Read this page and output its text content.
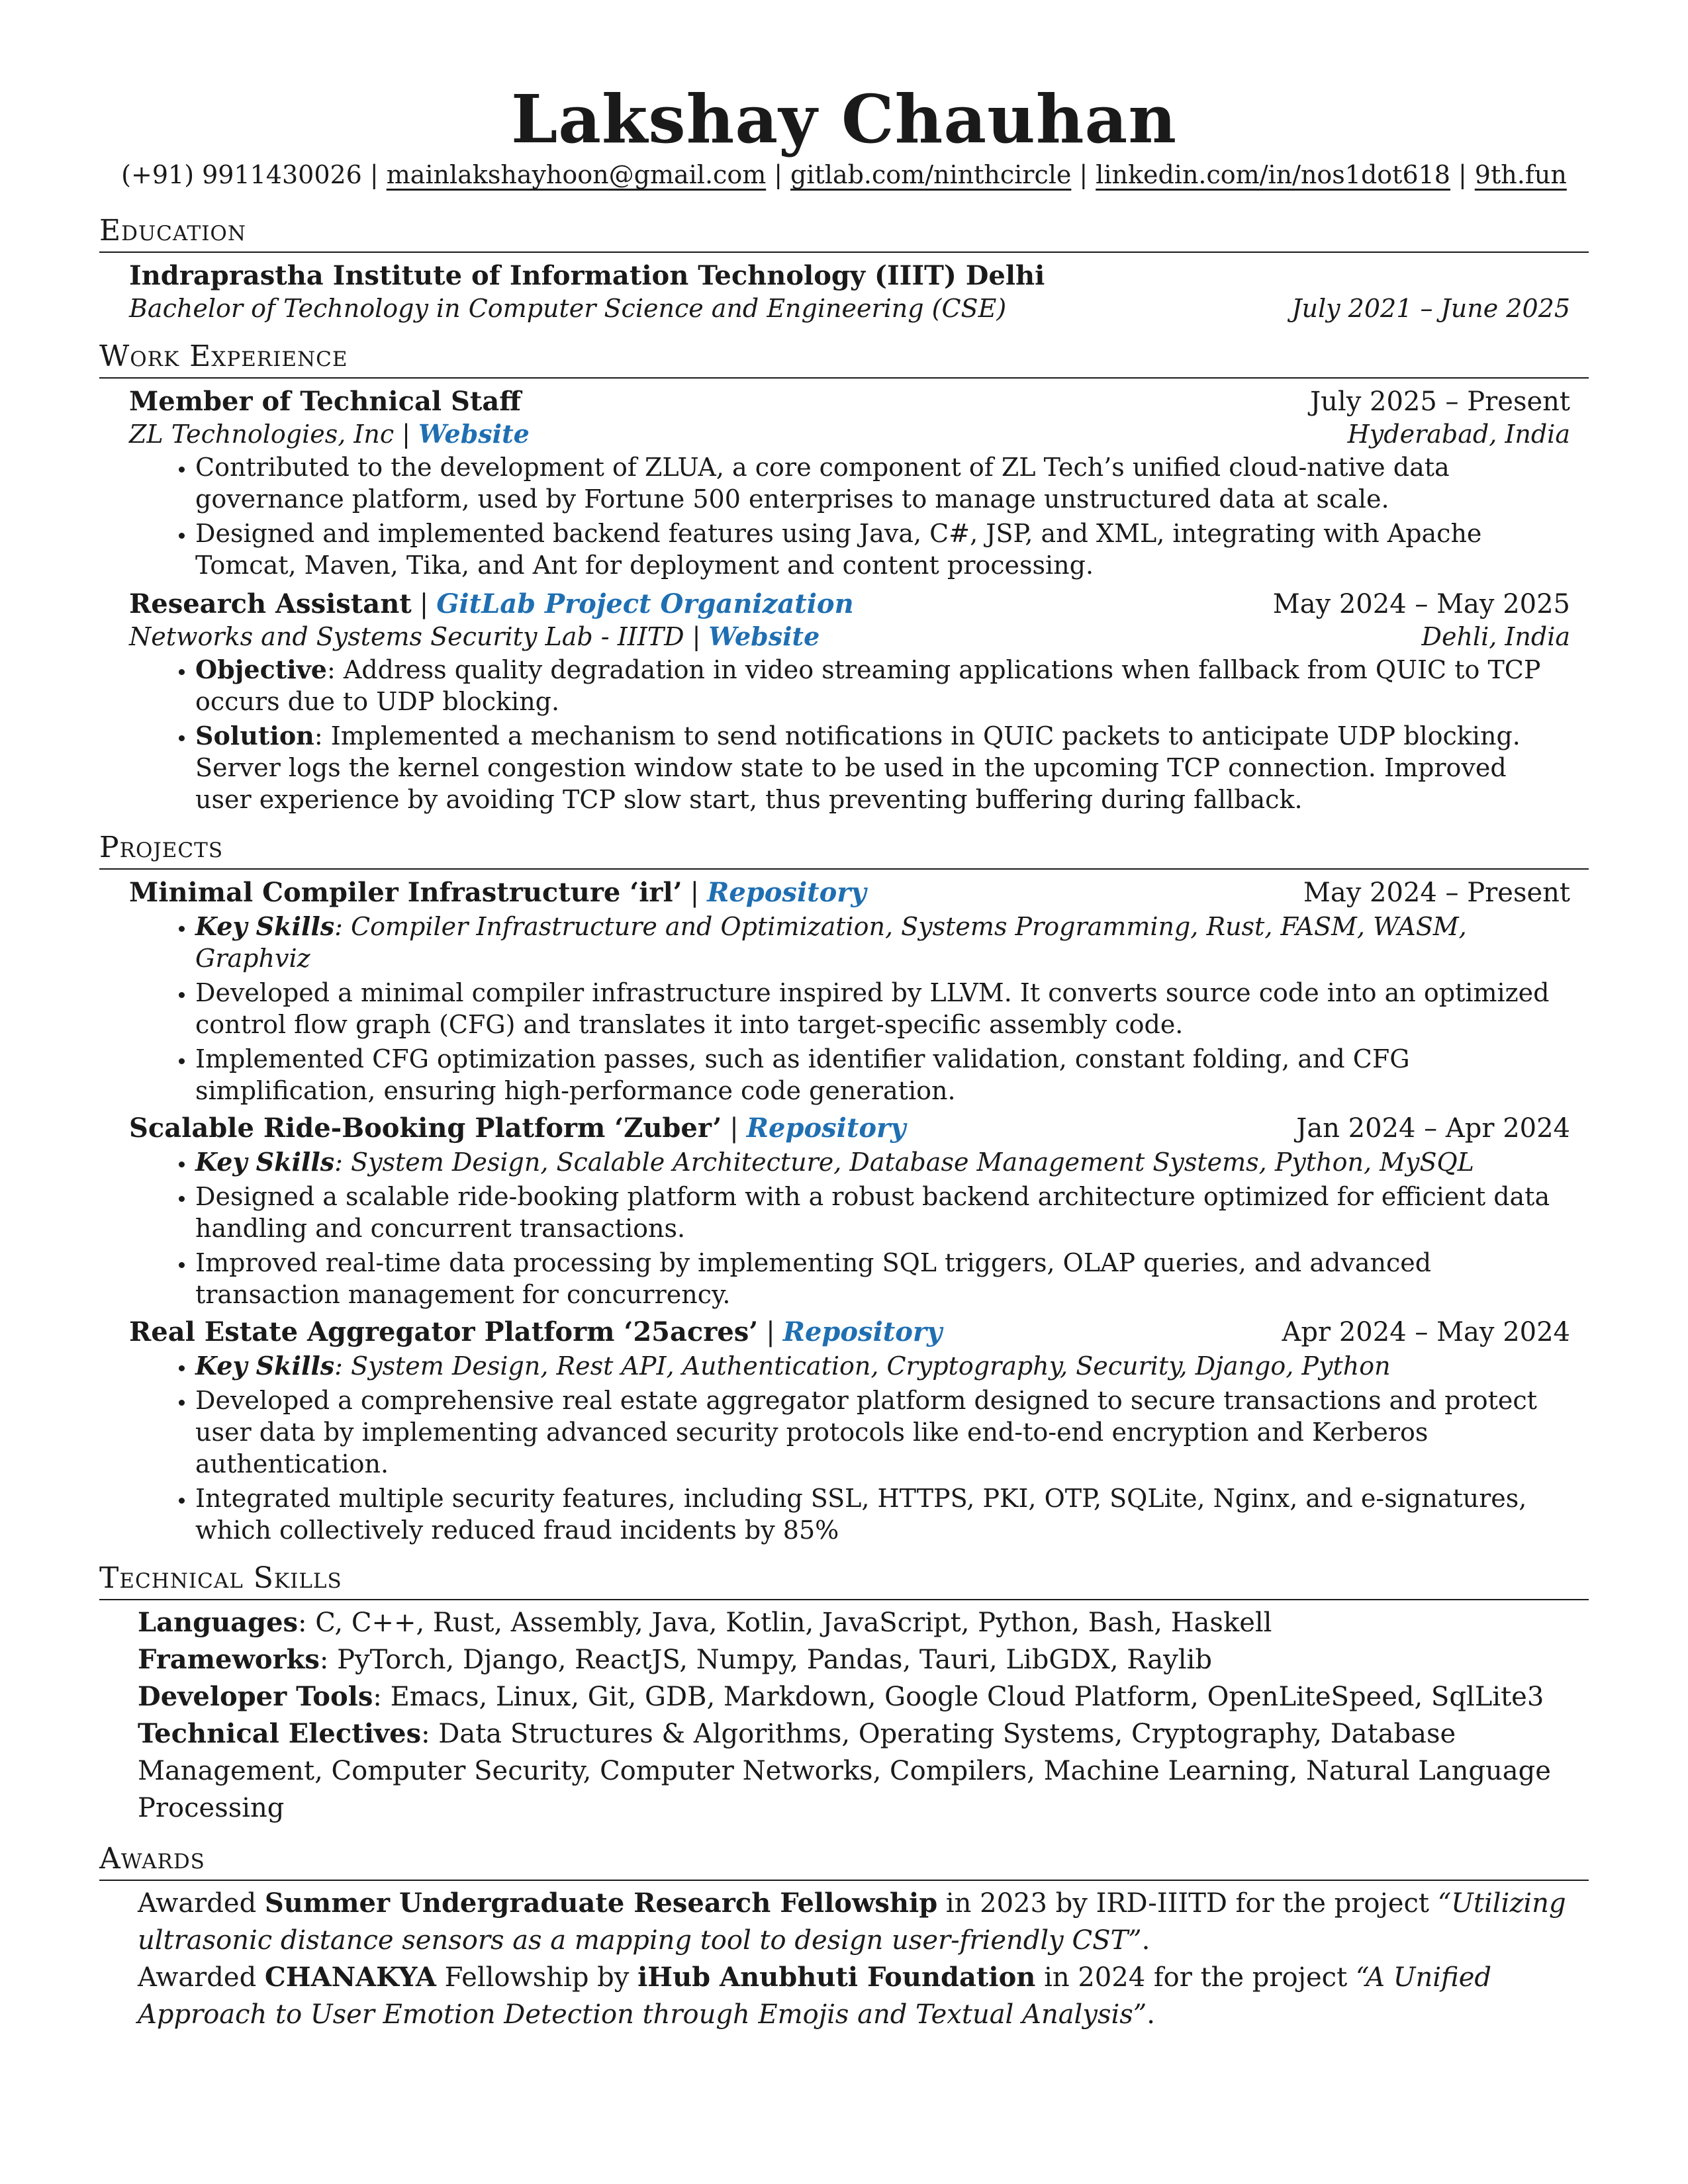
Lakshay Chauhan
(+91) 9911430026 | mainlakshayhoon@gmail.com | gitlab.com/ninthcircle | linkedin.com/in/nos1dot618 | 9th.fun
Education
Indraprastha Institute of Information Technology (IIIT) Delhi
Bachelor of Technology in Computer Science and Engineering (CSE)	July 2021 – June 2025
Work Experience
Member of Technical Staff	July 2025 – Present
ZL Technologies, Inc | Website	Hyderabad, India
• Contributed to the development of ZLUA, a core component of ZL Tech’s unified cloud-native data governance platform, used by Fortune 500 enterprises to manage unstructured data at scale.
• Designed and implemented backend features using Java, C#, JSP, and XML, integrating with Apache Tomcat, Maven, Tika, and Ant for deployment and content processing.
Research Assistant | GitLab Project Organization	May 2024 – May 2025
Networks and Systems Security Lab - IIITD | Website	Dehli, India
• Objective: Address quality degradation in video streaming applications when fallback from QUIC to TCP occurs due to UDP blocking.
• Solution: Implemented a mechanism to send notifications in QUIC packets to anticipate UDP blocking. Server logs the kernel congestion window state to be used in the upcoming TCP connection. Improved user experience by avoiding TCP slow start, thus preventing buffering during fallback.
Projects
Minimal Compiler Infrastructure ‘irl’ | Repository	May 2024 – Present
• Key Skills: Compiler Infrastructure and Optimization, Systems Programming, Rust, FASM, WASM, Graphviz
• Developed a minimal compiler infrastructure inspired by LLVM. It converts source code into an optimized control flow graph (CFG) and translates it into target-specific assembly code.
• Implemented CFG optimization passes, such as identifier validation, constant folding, and CFG simplification, ensuring high-performance code generation.
Scalable Ride-Booking Platform ‘Zuber’ | Repository	Jan 2024 – Apr 2024
• Key Skills: System Design, Scalable Architecture, Database Management Systems, Python, MySQL
• Designed a scalable ride-booking platform with a robust backend architecture optimized for efficient data handling and concurrent transactions.
• Improved real-time data processing by implementing SQL triggers, OLAP queries, and advanced transaction management for concurrency.
Real Estate Aggregator Platform ‘25acres’ | Repository	Apr 2024 – May 2024
• Key Skills: System Design, Rest API, Authentication, Cryptography, Security, Django, Python
• Developed a comprehensive real estate aggregator platform designed to secure transactions and protect user data by implementing advanced security protocols like end-to-end encryption and Kerberos authentication.
• Integrated multiple security features, including SSL, HTTPS, PKI, OTP, SQLite, Nginx, and e-signatures, which collectively reduced fraud incidents by 85%
Technical Skills
Languages: C, C++, Rust, Assembly, Java, Kotlin, JavaScript, Python, Bash, Haskell
Frameworks: PyTorch, Django, ReactJS, Numpy, Pandas, Tauri, LibGDX, Raylib
Developer Tools: Emacs, Linux, Git, GDB, Markdown, Google Cloud Platform, OpenLiteSpeed, SqlLite3
Technical Electives: Data Structures & Algorithms, Operating Systems, Cryptography, Database Management, Computer Security, Computer Networks, Compilers, Machine Learning, Natural Language Processing
Awards

Awarded Summer Undergraduate Research Fellowship in 2023 by IRD-IIITD for the project “Utilizing ultrasonic distance sensors as a mapping tool to design user-friendly CST”.

Awarded CHANAKYA Fellowship by iHub Anubhuti Foundation in 2024 for the project “A Unified Approach to User Emotion Detection through Emojis and Textual Analysis”.
